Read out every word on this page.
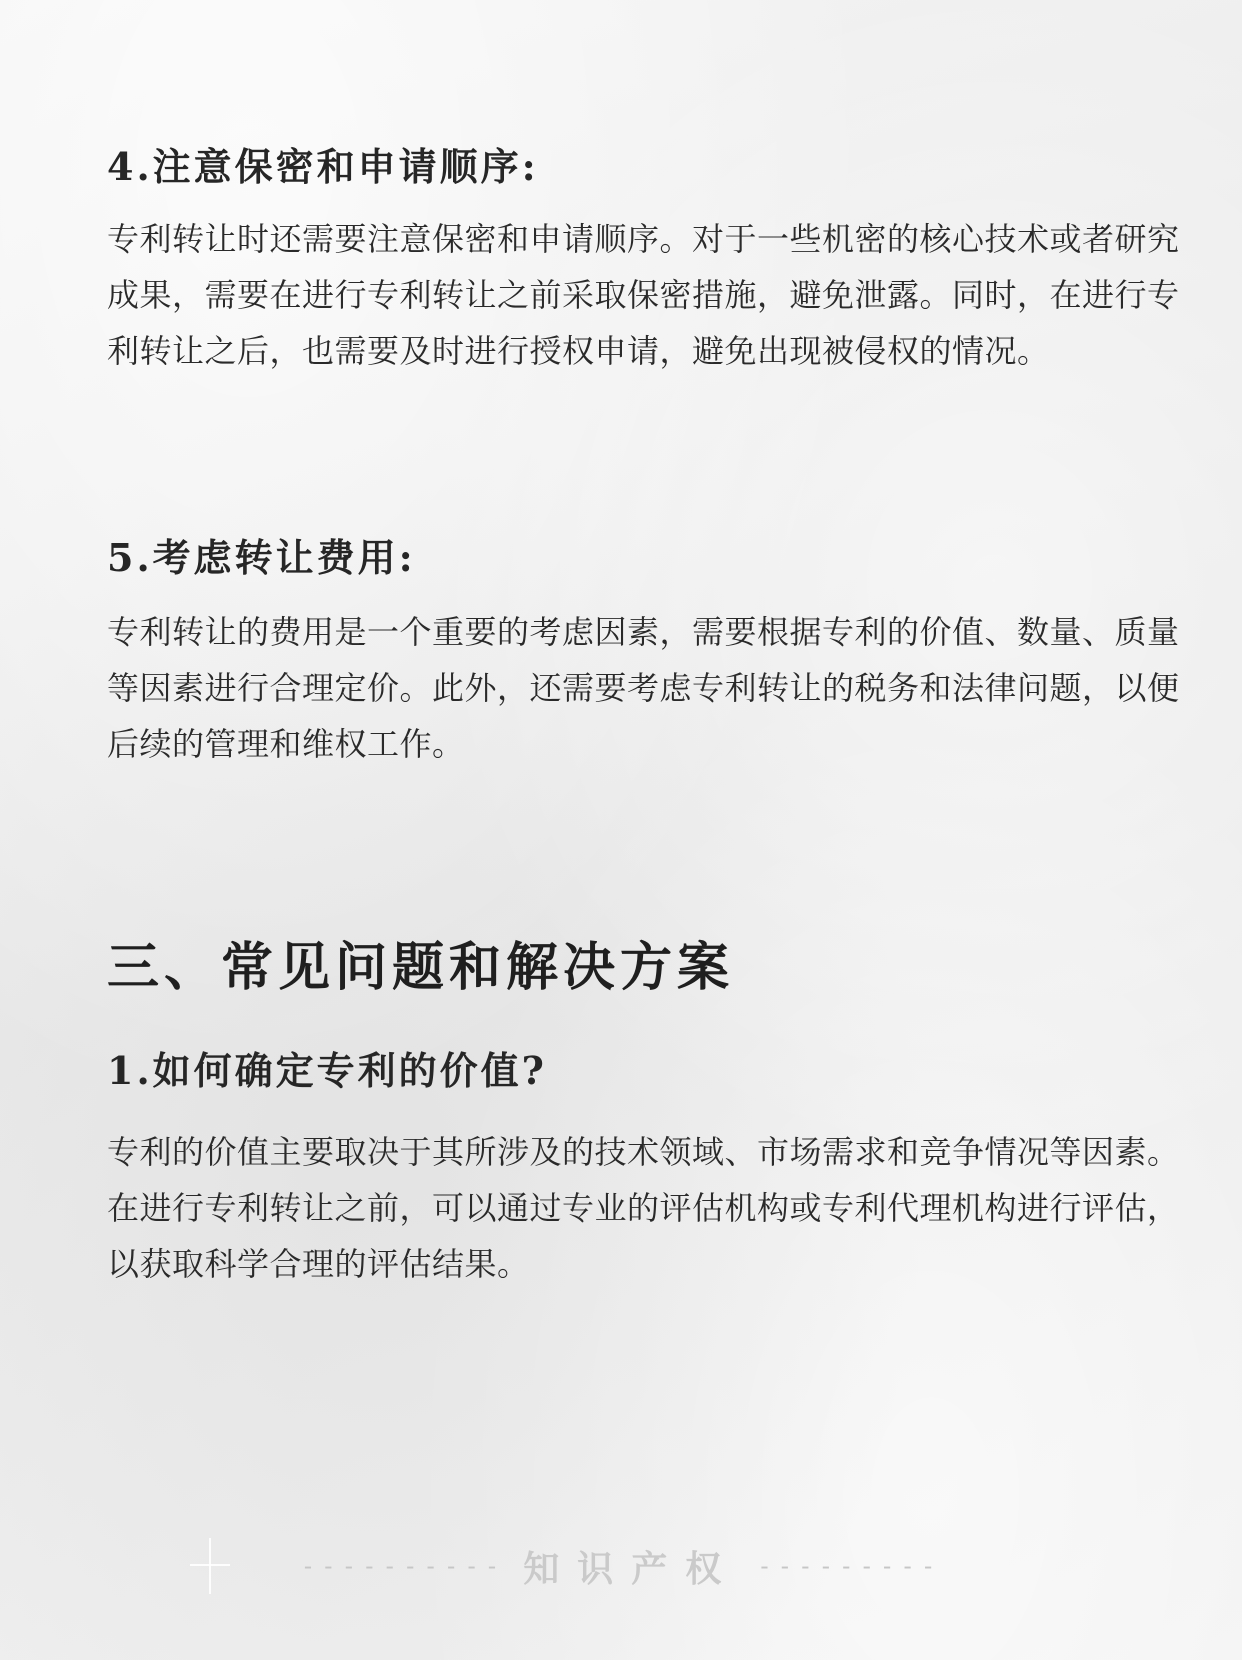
4.注意保密和申请顺序:

专利转让时还需要注意保密和申请顺序。对于一些机密的核心技术或者研究成果，需要在进行专利转让之前采取保密措施，避免泄露。同时，在进行专利转让之后，也需要及时进行授权申请，避免出现被侵权的情况。

5.考虑转让费用:

专利转让的费用是一个重要的考虑因素，需要根据专利的价值、数量、质量等因素进行合理定价。此外，还需要考虑专利转让的税务和法律问题，以便后续的管理和维权工作。

三、常见问题和解决方案
1.如何确定专利的价值?

专利的价值主要取决于其所涉及的技术领域、市场需求和竞争情况等因素。在进行专利转让之前，可以通过专业的评估机构或专利代理机构进行评估，以获取科学合理的评估结果。

---------- 知识产权 ---------
